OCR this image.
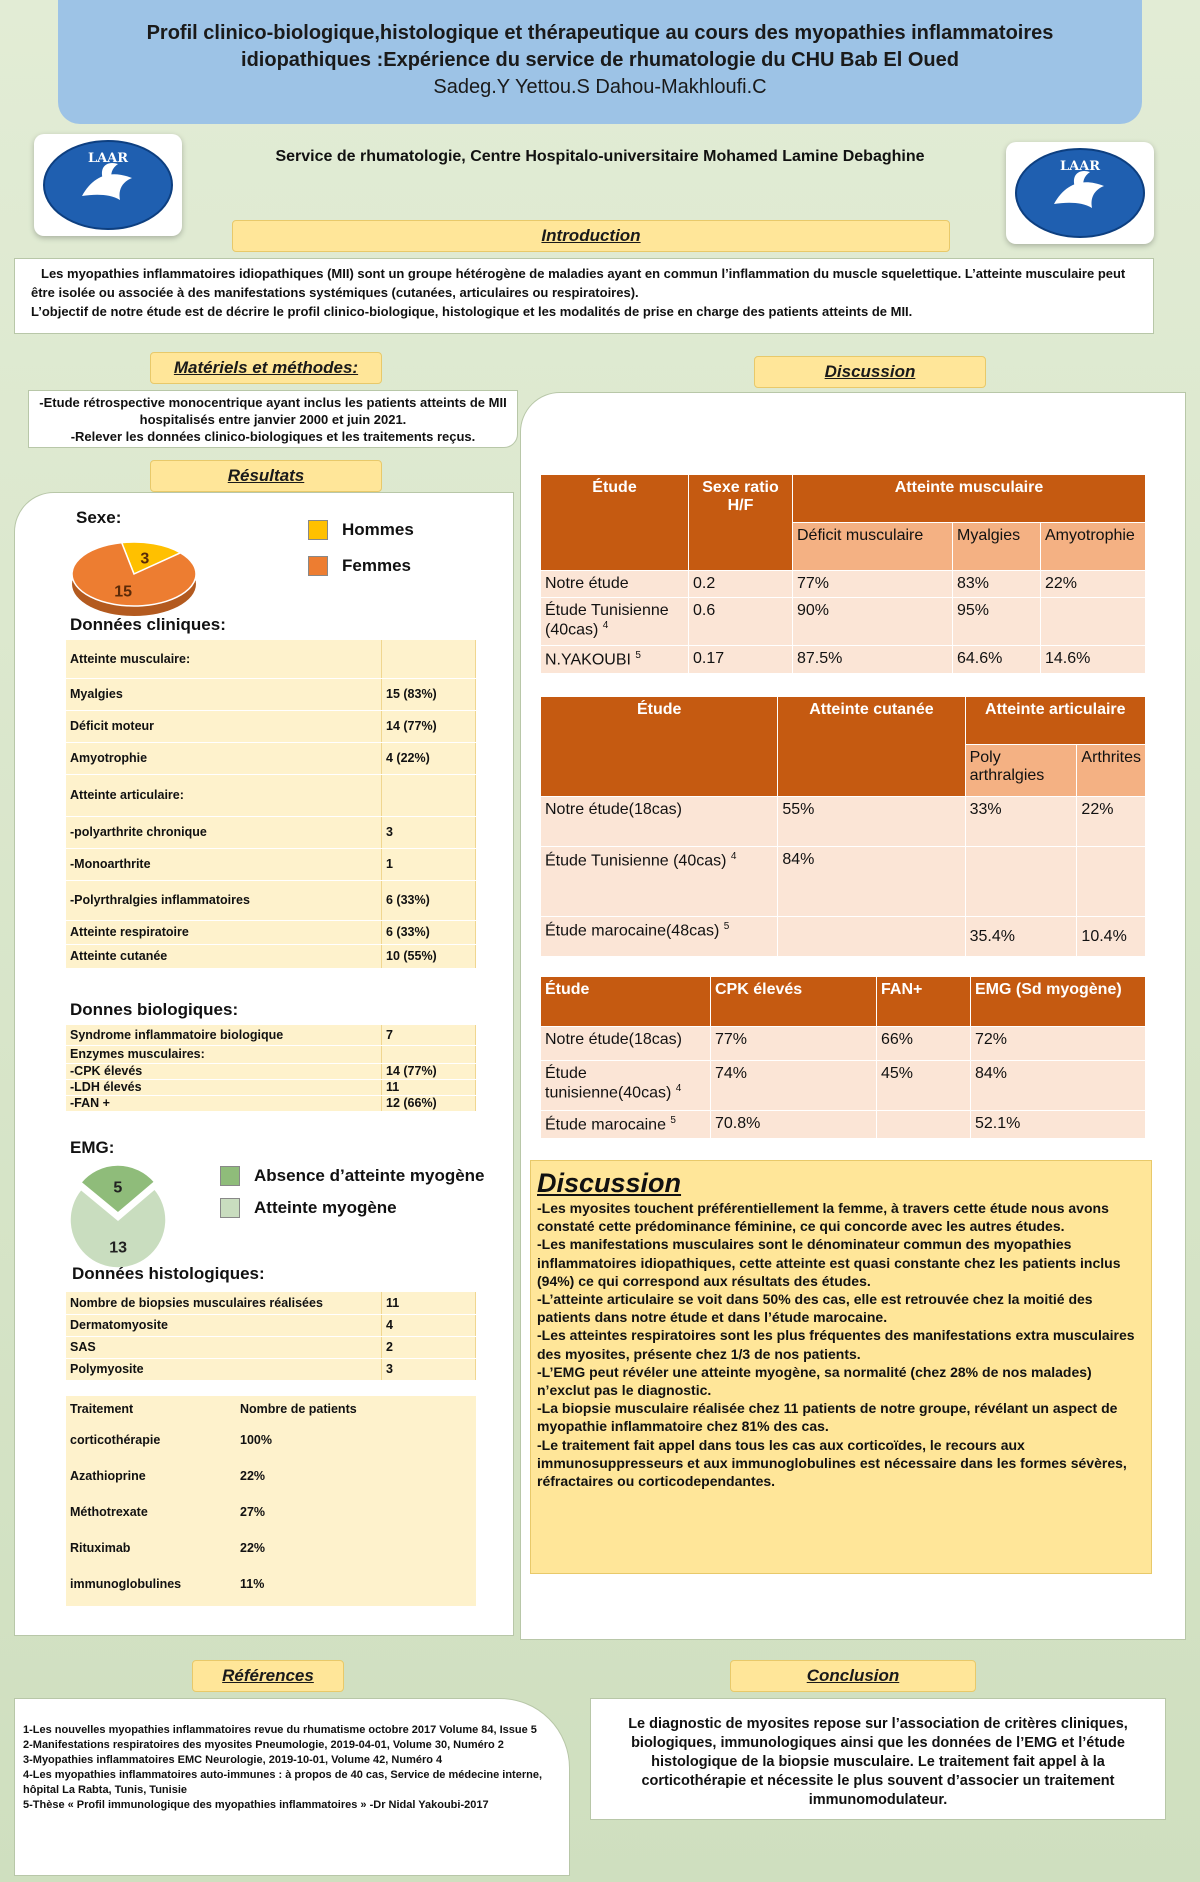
Profil clinico-biologique,histologique et thérapeutique au cours des myopathies inflammatoires
idiopathiques :Expérience du service de rhumatologie du CHU Bab El Oued
Sadeg.Y Yettou.S Dahou-Makhloufi.C
LAAR
LAAR
Service de rhumatologie, Centre Hospitalo-universitaire Mohamed Lamine Debaghine
Introduction

Les myopathies inflammatoires idiopathiques (MII) sont un groupe hétérogène de maladies ayant en commun l’inflammation du muscle squelettique. L’atteinte musculaire peut être isolée ou associée à des manifestations systémiques (cutanées, articulaires ou respiratoires).

L’objectif de notre étude est de décrire le profil clinico-biologique, histologique et les modalités de prise en charge des patients atteints de MII.

Matériels et méthodes:
-Etude rétrospective monocentrique ayant inclus les patients atteints de MII hospitalisés entre janvier 2000 et juin 2021.
-Relever les données clinico-biologiques et les traitements reçus.
Résultats
Sexe:
3
15
Hommes
Femmes
Données cliniques:
Atteinte musculaire:	
Myalgies	15 (83%)
Déficit moteur	14 (77%)
Amyotrophie	4 (22%)
Atteinte articulaire:	
-polyarthrite chronique	3
-Monoarthrite	1
-Polyrthralgies inflammatoires	6 (33%)
Atteinte respiratoire	6 (33%)
Atteinte cutanée	10 (55%)
Donnes biologiques:
Syndrome inflammatoire biologique	7
Enzymes musculaires:	
-CPK élevés	14 (77%)
-LDH élevés	11
-FAN +	12 (66%)
EMG:
5
13
Absence d’atteinte myogène
Atteinte myogène
Données histologiques:
Nombre de biopsies musculaires réalisées	11
Dermatomyosite	4
SAS	2
Polymyosite	3
Traitement	Nombre de patients
corticothérapie	100%
Azathioprine	22%
Méthotrexate	27%
Rituximab	22%
immunoglobulines	11%
Discussion
Étude	Sexe ratio H/F	Atteinte musculaire		
		Déficit musculaire	Myalgies	Amyotrophie
Notre étude	0.2	77%	83%	22%
Étude Tunisienne (40cas) $^4$	0.6	90%	95%	
N.YAKOUBI $^5$	0.17	87.5%	64.6%	14.6%
Étude	Atteinte cutanée	Atteinte articulaire	
		Poly arthralgies	Arthrites
Notre étude(18cas)	55%	33%	22%
Étude Tunisienne (40cas) $^4$	84%		
Étude marocaine(48cas) $^5$		35.4%	10.4%
Étude	CPK élevés	FAN+	EMG (Sd myogène)
Notre étude(18cas)	77%	66%	72%
Étude tunisienne(40cas) $^4$	74%	45%	84%
Étude marocaine $^5$	70.8%		52.1%
Discussion
-Les myosites touchent préférentiellement la femme, à travers cette étude nous avons constaté cette prédominance féminine, ce qui concorde avec les autres études.
-Les manifestations musculaires sont le dénominateur commun des myopathies inflammatoires idiopathiques, cette atteinte est quasi constante chez les patients inclus (94%) ce qui correspond aux résultats des études.
-L’atteinte articulaire se voit dans 50% des cas, elle est retrouvée chez la moitié des patients dans notre étude et dans l’étude marocaine.
-Les atteintes respiratoires sont les plus fréquentes des manifestations extra musculaires des myosites, présente chez 1/3 de nos patients.
-L’EMG peut révéler une atteinte myogène, sa normalité (chez 28% de nos malades) n’exclut pas le diagnostic.
-La biopsie musculaire réalisée chez 11 patients de notre groupe, révélant un aspect de myopathie inflammatoire chez 81% des cas.
-Le traitement fait appel dans tous les cas aux corticoïdes, le recours aux immunosuppresseurs et aux immunoglobulines est nécessaire dans les formes sévères, réfractaires ou corticodependantes.
Références
1-Les nouvelles myopathies inflammatoires revue du rhumatisme octobre 2017 Volume 84, Issue 5
2-Manifestations respiratoires des myosites Pneumologie, 2019-04-01, Volume 30, Numéro 2
3-Myopathies inflammatoires EMC Neurologie, 2019-10-01, Volume 42, Numéro 4
4-Les myopathies inflammatoires auto-immunes : à propos de 40 cas, Service de médecine interne, hôpital La Rabta, Tunis, Tunisie
5-Thèse « Profil immunologique des myopathies inflammatoires » -Dr Nidal Yakoubi-2017
Conclusion
Le diagnostic de myosites repose sur l’association de critères cliniques, biologiques, immunologiques ainsi que les données de l’EMG et l’étude histologique de la biopsie musculaire. Le traitement fait appel à la corticothérapie et nécessite le plus souvent d’associer un traitement immunomodulateur.
